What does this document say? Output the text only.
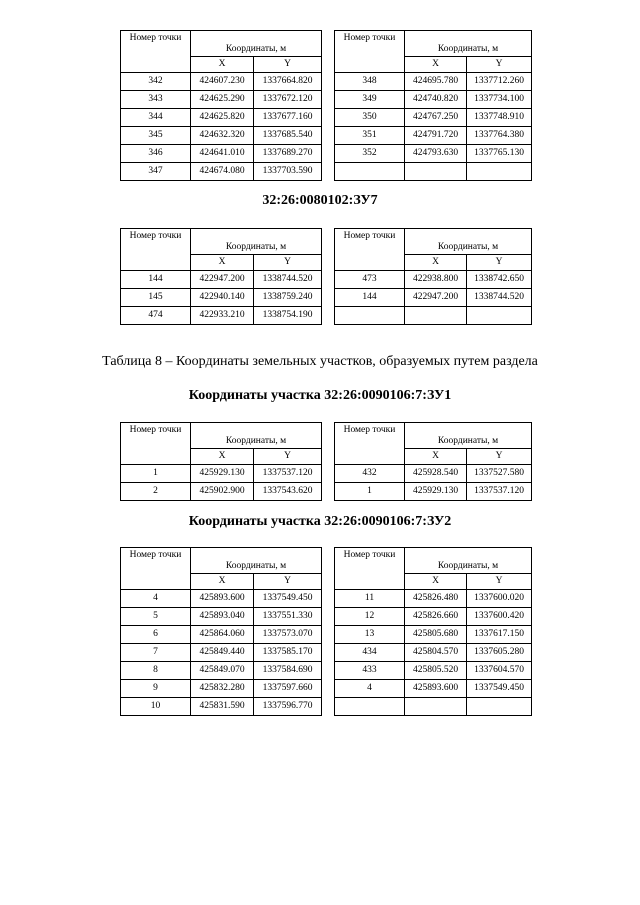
Номер точки	Координаты, м	
	X	Y
342	424607.230	1337664.820
343	424625.290	1337672.120
344	424625.820	1337677.160
345	424632.320	1337685.540
346	424641.010	1337689.270
347	424674.080	1337703.590
Номер точки	Координаты, м	
	X	Y
348	424695.780	1337712.260
349	424740.820	1337734.100
350	424767.250	1337748.910
351	424791.720	1337764.380
352	424793.630	1337765.130

32:26:0080102:ЗУ7
Номер точки	Координаты, м	
	X	Y
144	422947.200	1338744.520
145	422940.140	1338759.240
474	422933.210	1338754.190
Номер точки	Координаты, м	
	X	Y
473	422938.800	1338742.650
144	422947.200	1338744.520

Таблица 8 – Координаты земельных участков, образуемых путем раздела
Координаты участка 32:26:0090106:7:ЗУ1
Номер точки	Координаты, м	
	X	Y
1	425929.130	1337537.120
2	425902.900	1337543.620
Номер точки	Координаты, м	
	X	Y
432	425928.540	1337527.580
1	425929.130	1337537.120
Координаты участка 32:26:0090106:7:ЗУ2
Номер точки	Координаты, м	
	X	Y
4	425893.600	1337549.450
5	425893.040	1337551.330
6	425864.060	1337573.070
7	425849.440	1337585.170
8	425849.070	1337584.690
9	425832.280	1337597.660
10	425831.590	1337596.770
Номер точки	Координаты, м	
	X	Y
11	425826.480	1337600.020
12	425826.660	1337600.420
13	425805.680	1337617.150
434	425804.570	1337605.280
433	425805.520	1337604.570
4	425893.600	1337549.450
